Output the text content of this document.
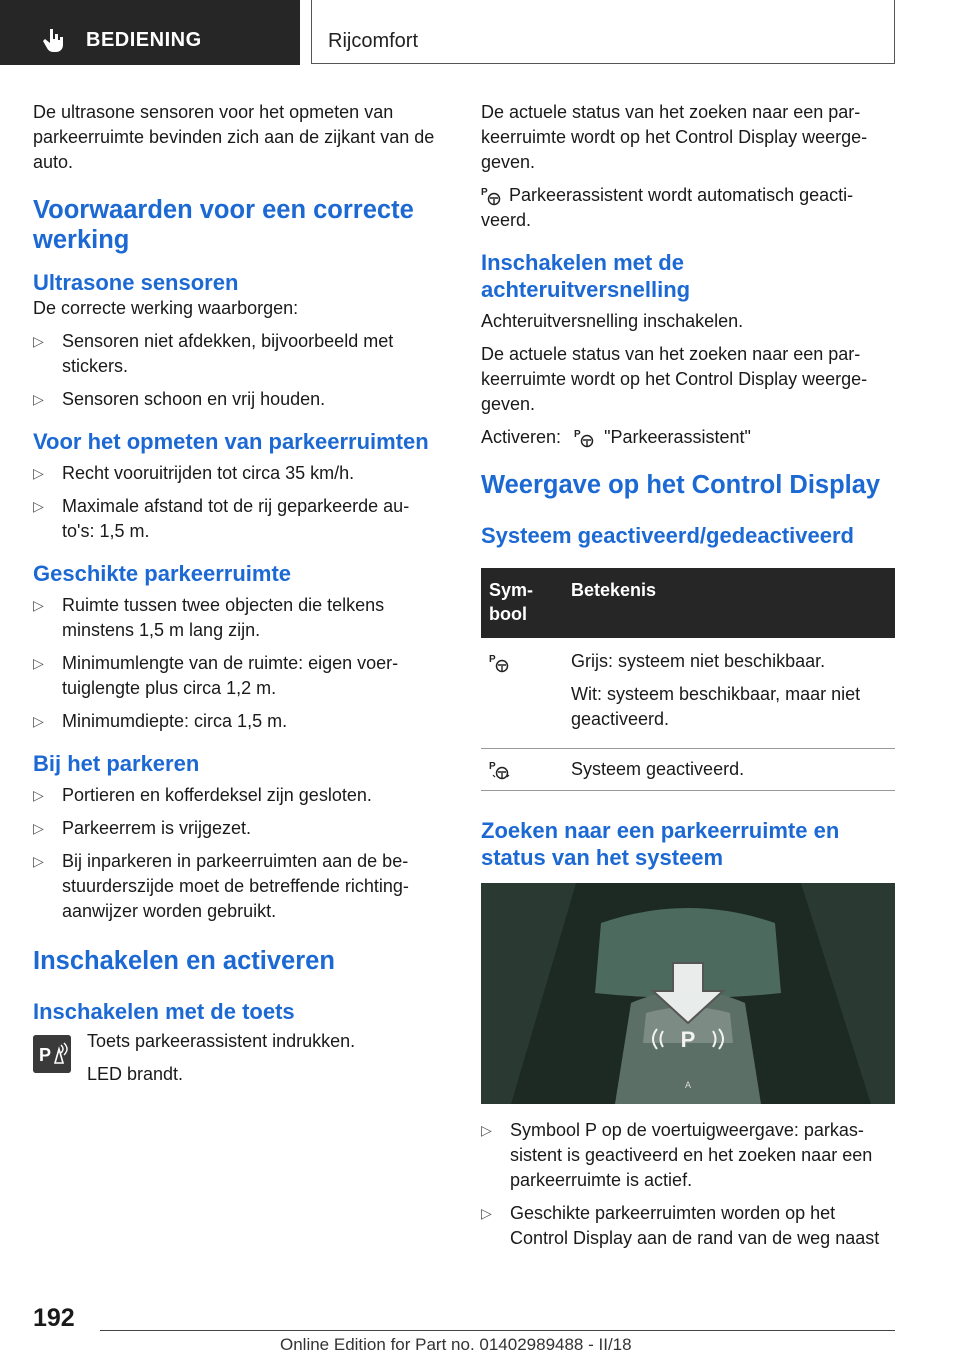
BEDIENING	Rijcomfort

De ultrasone sensoren voor het opmeten van parkeerruimte bevinden zich aan de zijkant van de auto.

Voorwaarden voor een correcte werking
Ultrasone sensoren

De correcte werking waarborgen:

▷ Sensoren niet afdekken, bijvoorbeeld met stickers.
▷ Sensoren schoon en vrij houden.
Voor het opmeten van parkeerruimten
▷ Recht vooruitrijden tot circa 35 km/h.
▷ Maximale afstand tot de rij geparkeerde au-to's: 1,5 m.
Geschikte parkeerruimte
▷ Ruimte tussen twee objecten die telkens minstens 1,5 m lang zijn.
▷ Minimumlengte van de ruimte: eigen voer-tuiglengte plus circa 1,2 m.
▷ Minimumdiepte: circa 1,5 m.
Bij het parkeren
▷ Portieren en kofferdeksel zijn gesloten.
▷ Parkeerrem is vrijgezet.
▷ Bij inparkeren in parkeerruimten aan de be-stuurderszijde moet de betreffende richting-aanwijzer worden gebruikt.
Inschakelen en activeren
Inschakelen met de toets
P

Toets parkeerassistent indrukken.

LED brandt.

De actuele status van het zoeken naar een par-keerruimte wordt op het Control Display weerge-geven.

P Parkeerassistent wordt automatisch geacti-veerd.

Inschakelen met de achteruitversnelling

Achteruitversnelling inschakelen.

De actuele status van het zoeken naar een par-keerruimte wordt op het Control Display weerge-geven.

Activeren: P "Parkeerassistent"

Weergave op het Control Display
Systeem geactiveerd/gedeactiveerd
Sym-bool	Betekenis

P	Grijs: systeem niet beschikbaar.

Wit: systeem beschikbaar, maar niet geactiveerd.

P	Systeem geactiveerd.
Zoeken naar een parkeerruimte en status van het systeem
P
A
▷ Symbool P op de voertuigweergave: parkas-sistent is geactiveerd en het zoeken naar een parkeerruimte is actief.
▷ Geschikte parkeerruimten worden op het Control Display aan de rand van de weg naast
192
Online Edition for Part no. 01402989488 - II/18
